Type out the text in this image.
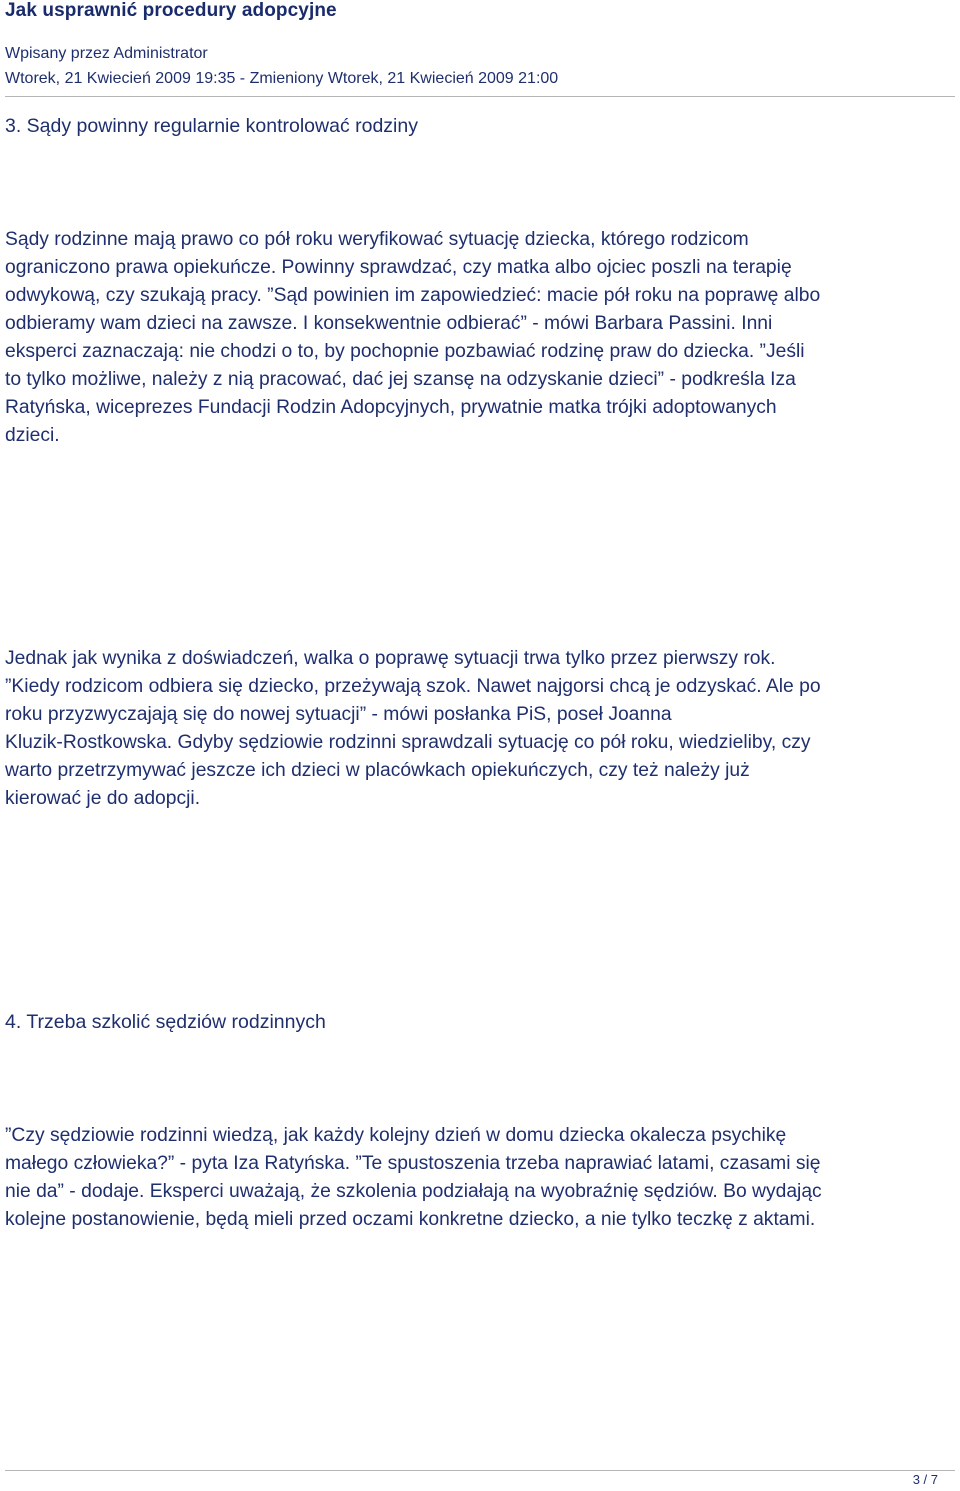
Jak usprawnić procedury adopcyjne
Wpisany przez Administrator
Wtorek, 21 Kwiecień 2009 19:35 - Zmieniony Wtorek, 21 Kwiecień 2009 21:00
3. Sądy powinny regularnie kontrolować rodziny
Sądy rodzinne mają prawo co pół roku weryfikować sytuację dziecka, którego rodzicom
ograniczono prawa opiekuńcze. Powinny sprawdzać, czy matka albo ojciec poszli na terapię
odwykową, czy szukają pracy. ”Sąd powinien im zapowiedzieć: macie pół roku na poprawę albo
odbieramy wam dzieci na zawsze. I konsekwentnie odbierać” - mówi Barbara Passini. Inni
eksperci zaznaczają: nie chodzi o to, by pochopnie pozbawiać rodzinę praw do dziecka. ”Jeśli
to tylko możliwe, należy z nią pracować, dać jej szansę na odzyskanie dzieci” - podkreśla Iza
Ratyńska, wiceprezes Fundacji Rodzin Adopcyjnych, prywatnie matka trójki adoptowanych
dzieci.
Jednak jak wynika z doświadczeń, walka o poprawę sytuacji trwa tylko przez pierwszy rok.
”Kiedy rodzicom odbiera się dziecko, przeżywają szok. Nawet najgorsi chcą je odzyskać. Ale po
roku przyzwyczajają się do nowej sytuacji” - mówi posłanka PiS, poseł Joanna
Kluzik-Rostkowska. Gdyby sędziowie rodzinni sprawdzali sytuację co pół roku, wiedzieliby, czy
warto przetrzymywać jeszcze ich dzieci w placówkach opiekuńczych, czy też należy już
kierować je do adopcji.
4. Trzeba szkolić sędziów rodzinnych
”Czy sędziowie rodzinni wiedzą, jak każdy kolejny dzień w domu dziecka okalecza psychikę
małego człowieka?” - pyta Iza Ratyńska. ”Te spustoszenia trzeba naprawiać latami, czasami się
nie da” - dodaje. Eksperci uważają, że szkolenia podziałają na wyobraźnię sędziów. Bo wydając
kolejne postanowienie, będą mieli przed oczami konkretne dziecko, a nie tylko teczkę z aktami.
3 / 7
